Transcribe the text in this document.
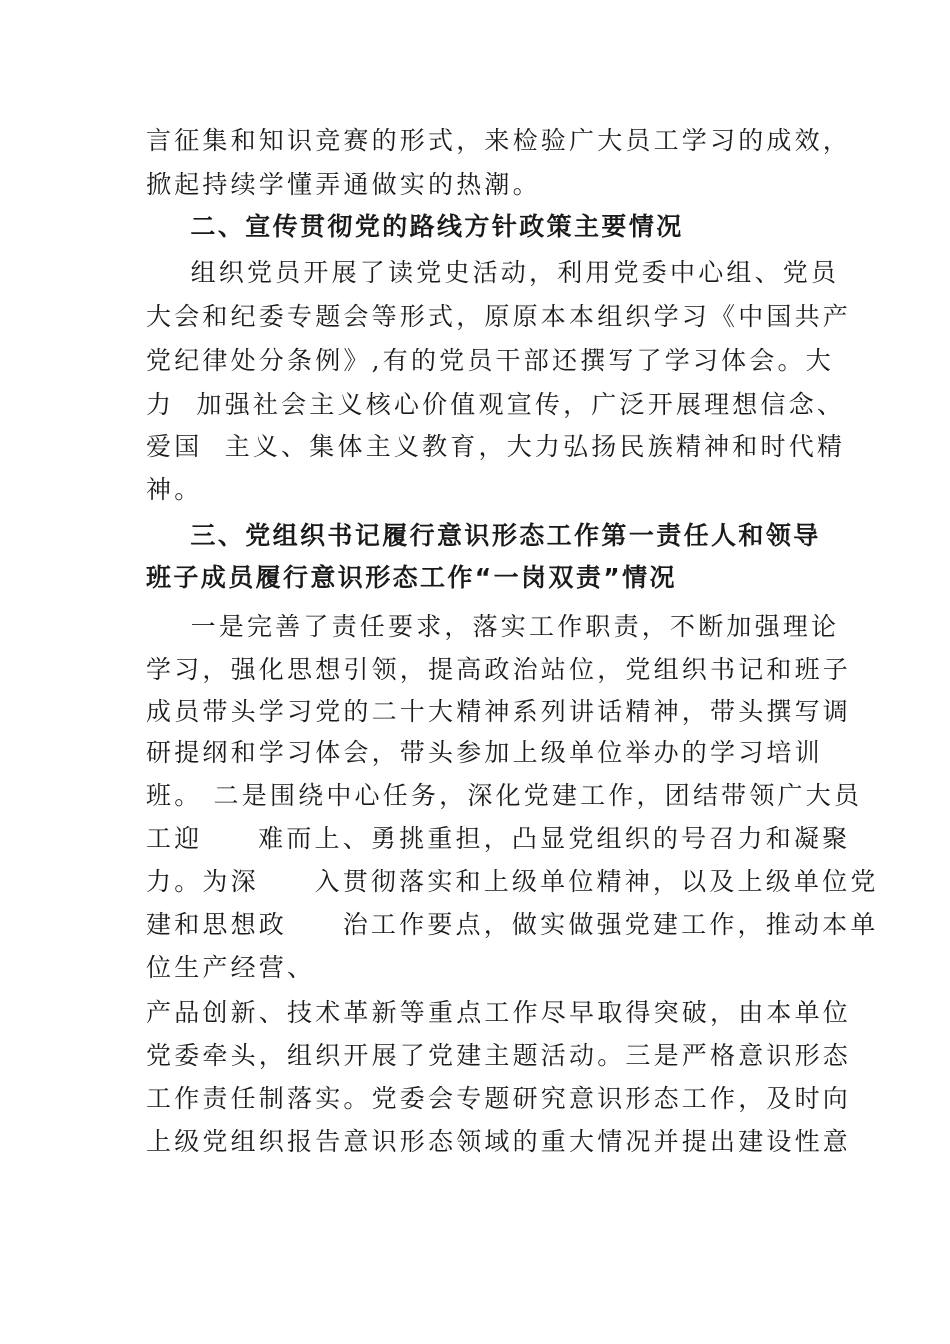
言征集和知识竞赛的形式，来检验广大员工学习的成效，
掀起持续学懂弄通做实的热潮。
二、宣传贯彻党的路线方针政策主要情况
组织党员开展了读党史活动，利用党委中心组、党员
大会和纪委专题会等形式，原原本本组织学习《中国共产
党纪律处分条例》,有的党员干部还撰写了学习体会。大
力  加强社会主义核心价值观宣传，广泛开展理想信念、
爱国  主义、集体主义教育，大力弘扬民族精神和时代精
神。
三、党组织书记履行意识形态工作第一责任人和领导
班子成员履行意识形态工作“一岗双责”情况
一是完善了责任要求，落实工作职责，不断加强理论
学习，强化思想引领，提高政治站位，党组织书记和班子
成员带头学习党的二十大精神系列讲话精神，带头撰写调
研提纲和学习体会，带头参加上级单位举办的学习培训
班。 二是围绕中心任务，深化党建工作，团结带领广大员
工迎     难而上、勇挑重担，凸显党组织的号召力和凝聚
力。为深     入贯彻落实和上级单位精神，以及上级单位党
建和思想政     治工作要点，做实做强党建工作，推动本单
位生产经营、
产品创新、技术革新等重点工作尽早取得突破，由本单位
党委牵头，组织开展了党建主题活动。三是严格意识形态
工作责任制落实。党委会专题研究意识形态工作，及时向
上级党组织报告意识形态领域的重大情况并提出建设性意
